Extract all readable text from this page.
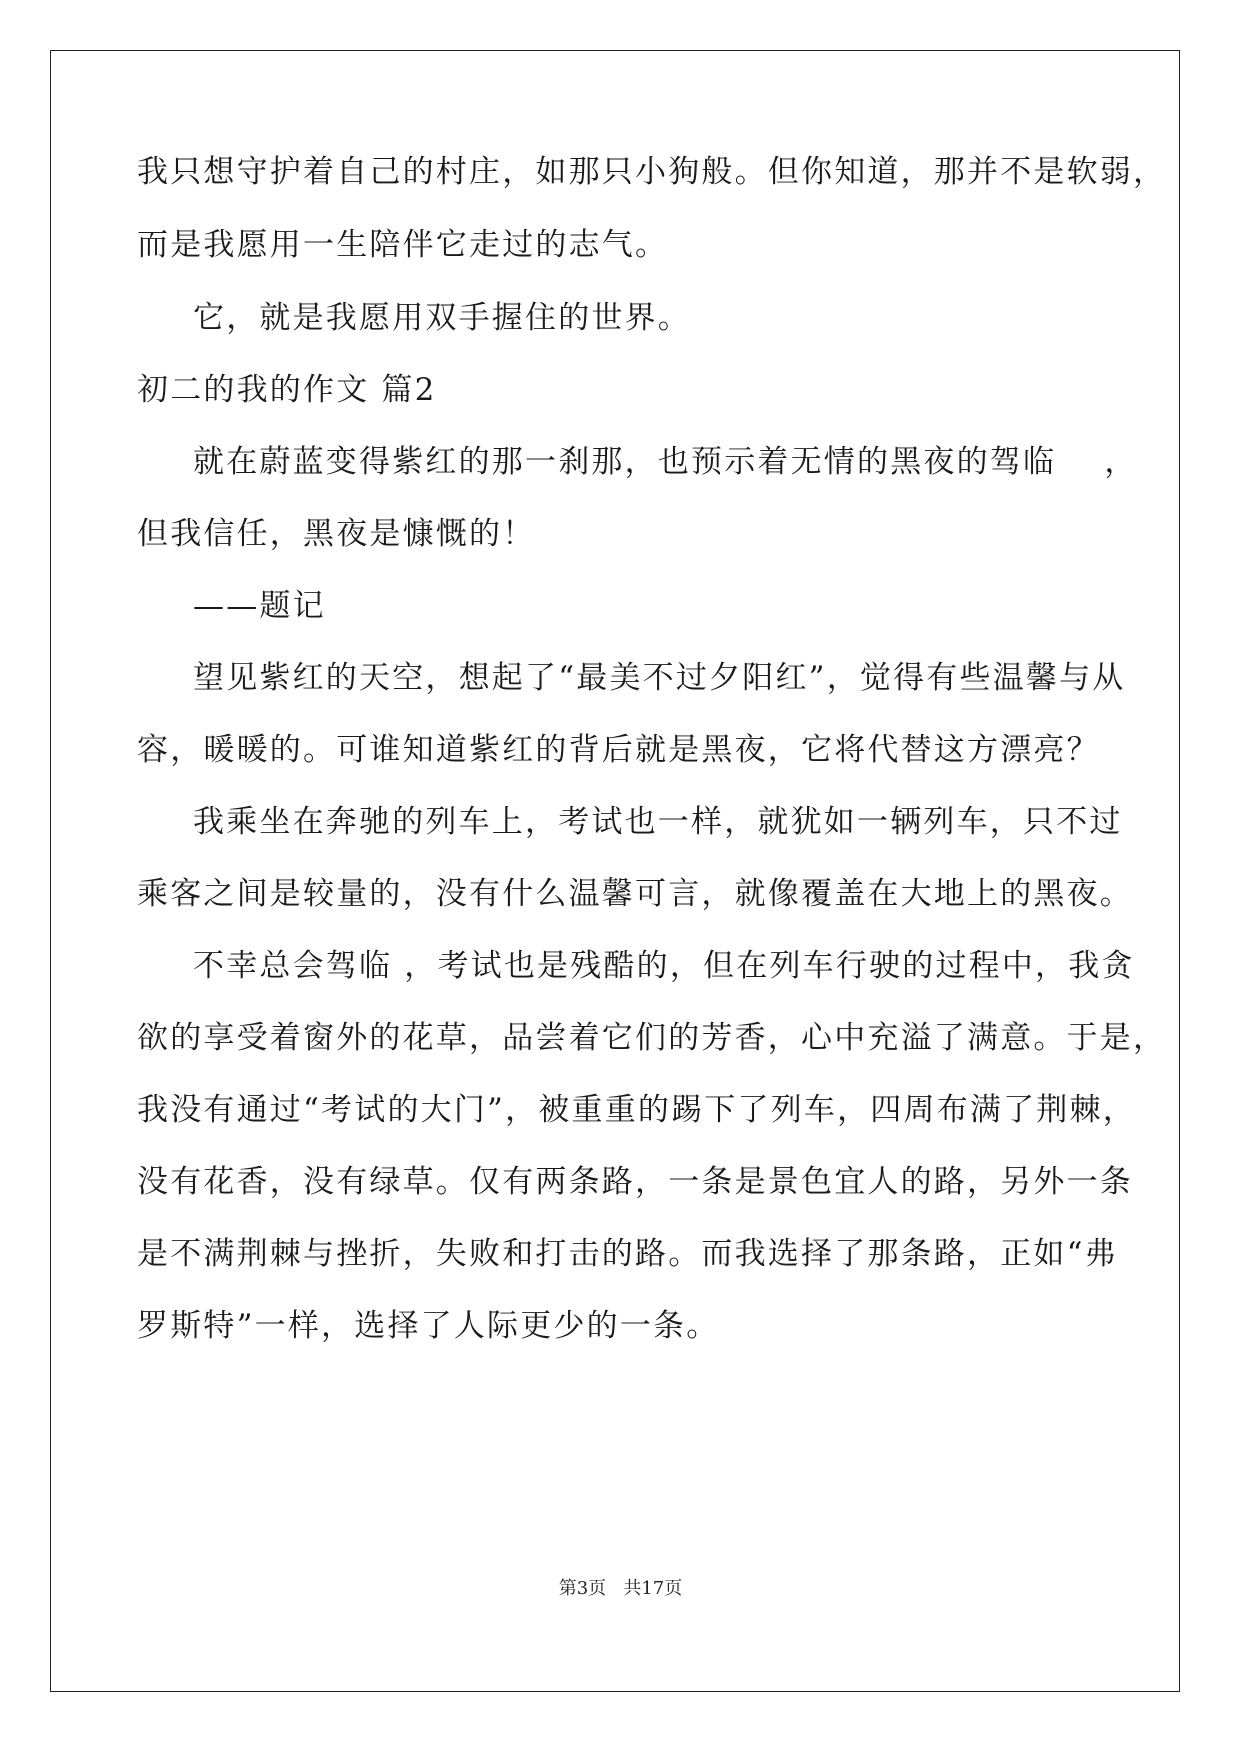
我只想守护着自己的村庄，如那只小狗般。但你知道，那并不是软弱，
而是我愿用一生陪伴它走过的志气。
它，就是我愿用双手握住的世界。
初二的我的作文 篇2
就在蔚蓝变得紫红的那一刹那，也预示着无情的黑夜的驾临    ，
但我信任，黑夜是慷慨的！
——题记
望见紫红的天空，想起了“最美不过夕阳红”，觉得有些温馨与从
容，暖暖的。可谁知道紫红的背后就是黑夜，它将代替这方漂亮？
我乘坐在奔驰的列车上，考试也一样，就犹如一辆列车，只不过
乘客之间是较量的，没有什么温馨可言，就像覆盖在大地上的黑夜。
不幸总会驾临 ，考试也是残酷的，但在列车行驶的过程中，我贪
欲的享受着窗外的花草，品尝着它们的芳香，心中充溢了满意。于是，
我没有通过“考试的大门”，被重重的踢下了列车，四周布满了荆棘，
没有花香，没有绿草。仅有两条路，一条是景色宜人的路，另外一条
是不满荆棘与挫折，失败和打击的路。而我选择了那条路，正如“弗
罗斯特”一样，选择了人际更少的一条。
第3页   共17页
